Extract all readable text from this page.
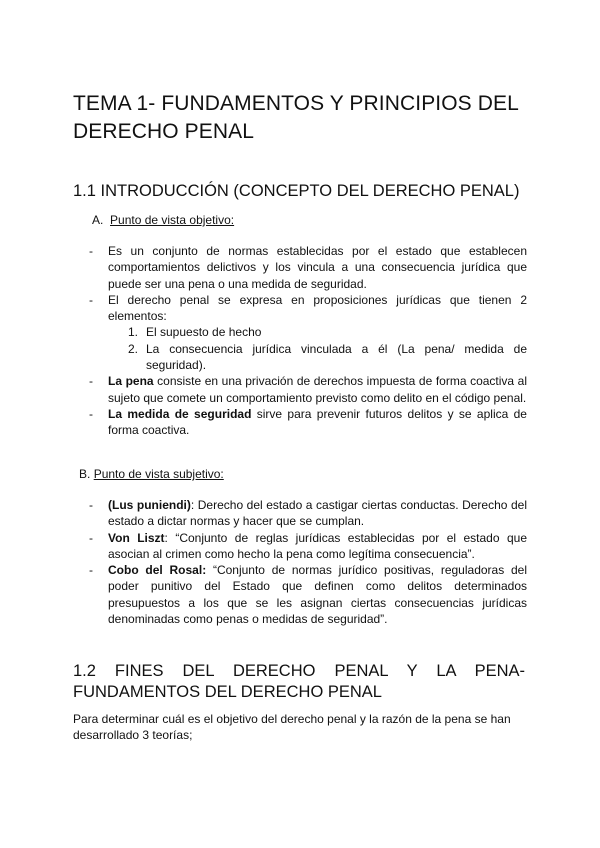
TEMA 1- FUNDAMENTOS Y PRINCIPIOS DEL DERECHO PENAL
1.1 INTRODUCCIÓN (CONCEPTO DEL DERECHO PENAL)
A. Punto de vista objetivo:
- Es un conjunto de normas establecidas por el estado que establecen comportamientos delictivos y los vincula a una consecuencia jurídica que puede ser una pena o una medida de seguridad.
- El derecho penal se expresa en proposiciones jurídicas que tienen 2 elementos:
1. El supuesto de hecho
2. La consecuencia jurídica vinculada a él (La pena/ medida de seguridad).
- La pena consiste en una privación de derechos impuesta de forma coactiva al sujeto que comete un comportamiento previsto como delito en el código penal.
- La medida de seguridad sirve para prevenir futuros delitos y se aplica de forma coactiva.
B. Punto de vista subjetivo:
- (Lus puniendi): Derecho del estado a castigar ciertas conductas. Derecho del estado a dictar normas y hacer que se cumplan.
- Von Liszt: “Conjunto de reglas jurídicas establecidas por el estado que asocian al crimen como hecho la pena como legítima consecuencia”.
- Cobo del Rosal: “Conjunto de normas jurídico positivas, reguladoras del poder punitivo del Estado que definen como delitos determinados presupuestos a los que se les asignan ciertas consecuencias jurídicas denominadas como penas o medidas de seguridad”.
1.2 FINES DEL DERECHO PENAL Y LA PENA-
FUNDAMENTOS DEL DERECHO PENAL
Para determinar cuál es el objetivo del derecho penal y la razón de la pena se han desarrollado 3 teorías;
